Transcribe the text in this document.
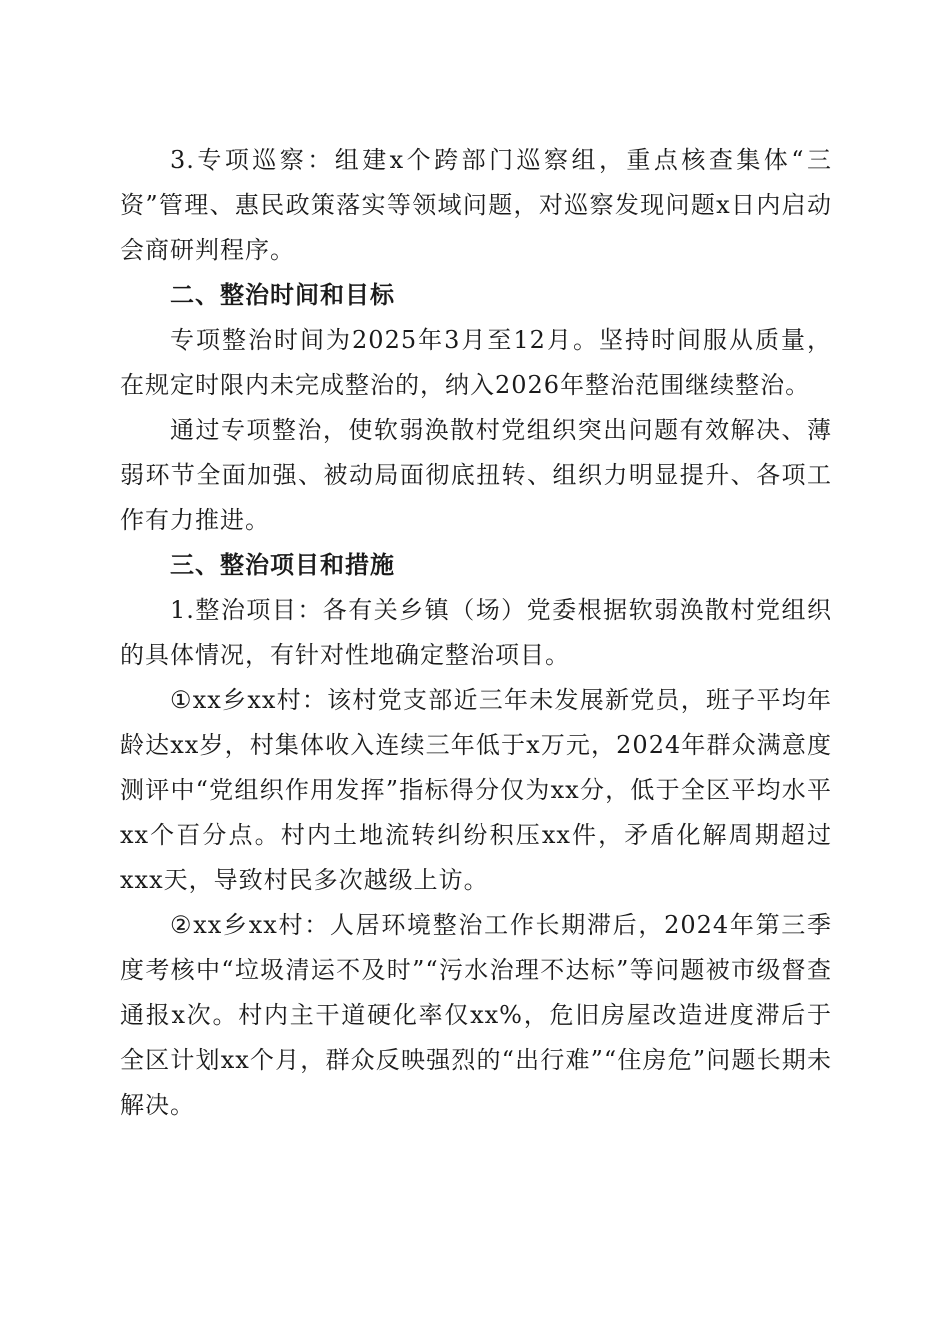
3.专项巡察：组建x个跨部门巡察组，重点核查集体“三资”管理、惠民政策落实等领域问题，对巡察发现问题x日内启动会商研判程序。

二、整治时间和目标

专项整治时间为2025年3月至12月。坚持时间服从质量，在规定时限内未完成整治的，纳入2026年整治范围继续整治。

通过专项整治，使软弱涣散村党组织突出问题有效解决、薄弱环节全面加强、被动局面彻底扭转、组织力明显提升、各项工作有力推进。

三、整治项目和措施

1.整治项目：各有关乡镇（场）党委根据软弱涣散村党组织的具体情况，有针对性地确定整治项目。

①xx乡xx村：该村党支部近三年未发展新党员，班子平均年龄达xx岁，村集体收入连续三年低于x万元，2024年群众满意度测评中“党组织作用发挥”指标得分仅为xx分，低于全区平均水平xx个百分点。村内土地流转纠纷积压xx件，矛盾化解周期超过xxx天，导致村民多次越级上访。

②xx乡xx村：人居环境整治工作长期滞后，2024年第三季度考核中“垃圾清运不及时”“污水治理不达标”等问题被市级督查通报x次。村内主干道硬化率仅xx%，危旧房屋改造进度滞后于全区计划xx个月，群众反映强烈的“出行难”“住房危”问题长期未解决。
